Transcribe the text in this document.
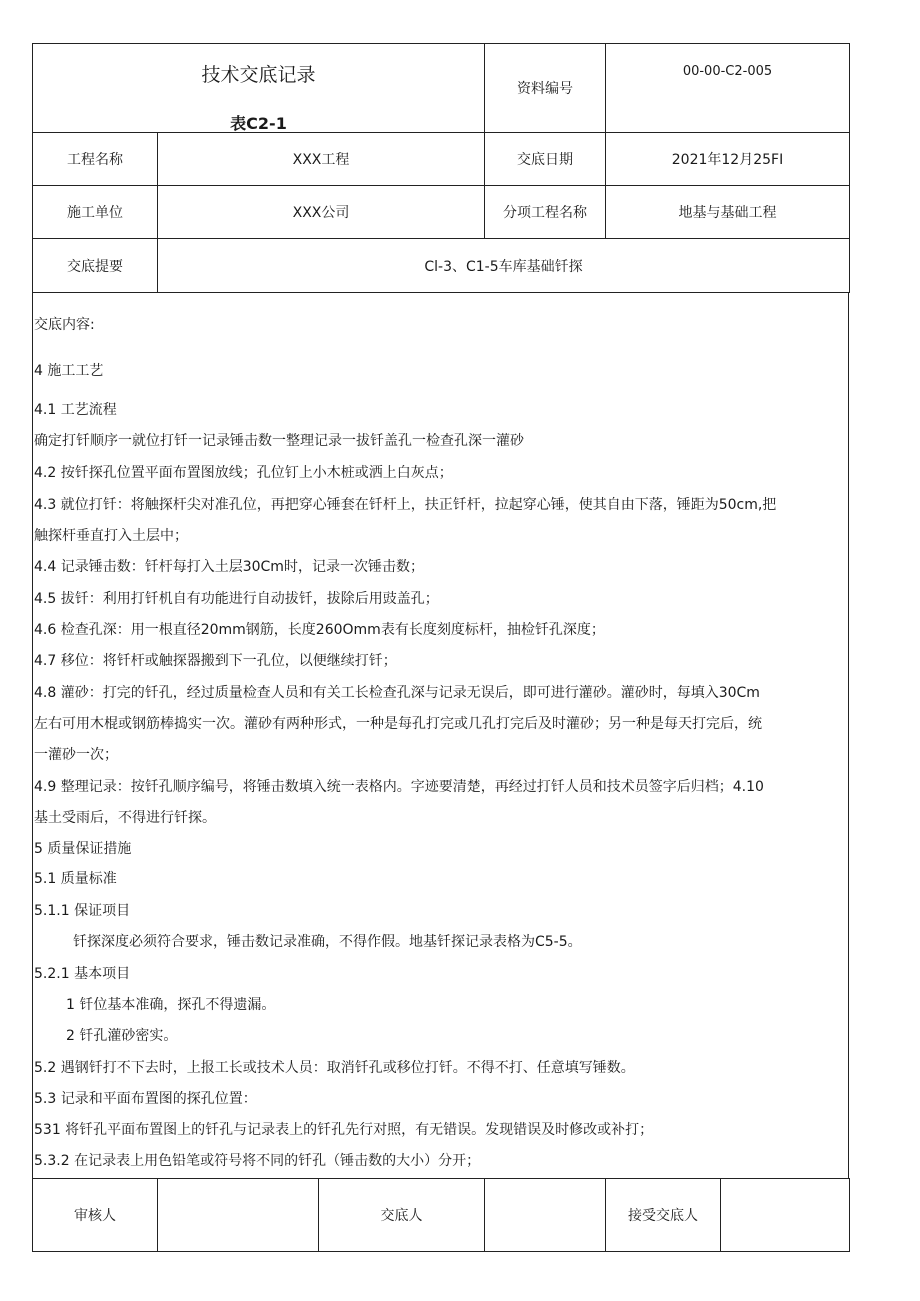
技术交底记录
表C2-1		资料编号	00-00-C2-005
工程名称	XXX工程	交底日期	2021年12月25FI
施工单位	XXX公司	分项工程名称	地基与基础工程
交底提要	Cl-3、C1-5车库基础钎探		
交底内容:
4 施工工艺
4.1 工艺流程
确定打钎顺序一就位打钎一记录锤击数一整理记录一拔钎盖孔一检查孔深一灌砂
4.2 按钎探孔位置平面布置图放线；孔位钉上小木桩或洒上白灰点；
4.3 就位打钎：将触探杆尖对准孔位，再把穿心锤套在钎杆上，扶正钎杆，拉起穿心锤，使其自由下落，锤距为50cm,把
触探杆垂直打入土层中；
4.4 记录锤击数：钎杆每打入土层30Cm时，记录一次锤击数；
4.5 拔钎：利用打钎机自有功能进行自动拔钎，拔除后用豉盖孔；
4.6 检查孔深：用一根直径20mm钢筋，长度260Omm表有长度刻度标杆，抽检钎孔深度；
4.7 移位：将钎杆或触探器搬到下一孔位，以便继续打钎；
4.8 灌砂：打完的钎孔，经过质量检查人员和有关工长检查孔深与记录无误后，即可进行灌砂。灌砂时，每填入30Cm
左右可用木棍或钢筋棒捣实一次。灌砂有两种形式，一种是每孔打完或几孔打完后及时灌砂；另一种是每天打完后，统
一灌砂一次；
4.9 整理记录：按钎孔顺序编号，将锤击数填入统一表格内。字迹要清楚，再经过打钎人员和技术员签字后归档；4.10
基土受雨后，不得进行钎探。
5 质量保证措施
5.1 质量标准
5.1.1 保证项目
钎探深度必须符合要求，锤击数记录准确，不得作假。地基钎探记录表格为C5-5。
5.2.1 基本项目
1 钎位基本准确，探孔不得遗漏。
2 钎孔灌砂密实。
5.2 遇钢钎打不下去时，上报工长或技术人员：取消钎孔或移位打钎。不得不打、任意填写锤数。
5.3 记录和平面布置图的探孔位置：
531 将钎孔平面布置图上的钎孔与记录表上的钎孔先行对照，有无错误。发现错误及时修改或补打；
5.3.2 在记录表上用色铅笔或符号将不同的钎孔（锤击数的大小）分开；
审核人		交底人		接受交底人	
